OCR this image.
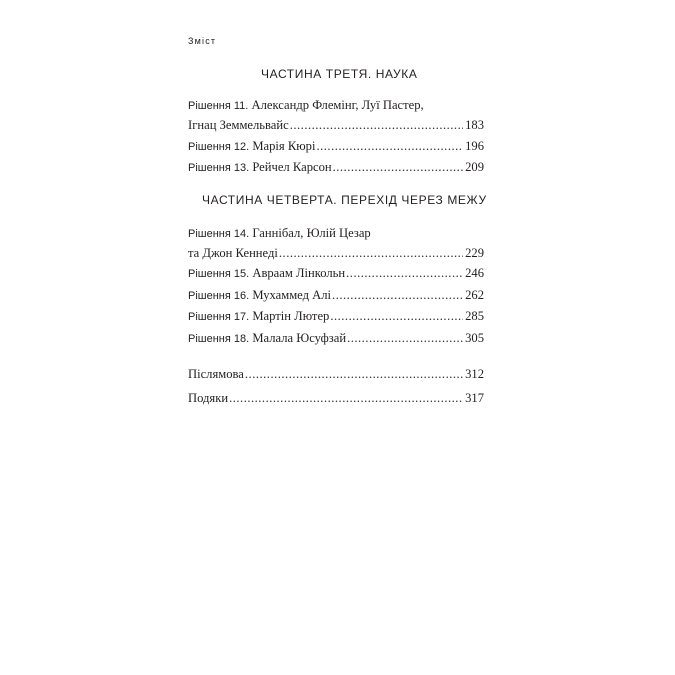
Зміст
ЧАСТИНА ТРЕТЯ. НАУКА
Рішення 11.
Александр Флемінг, Луї Пастер,
Ігнац Земмельвайс .....	183
Рішення 12.
Марія Кюрі .....	196
Рішення 13.
Рейчел Карсон .....	209
ЧАСТИНА ЧЕТВЕРТА. ПЕРЕХІД ЧЕРЕЗ МЕЖУ
Рішення 14.
Ганнібал, Юлій Цезар
та Джон Кеннеді .....	229
Рішення 15.
Авраам Лінкольн .....	246
Рішення 16.
Мухаммед Алі .....	262
Рішення 17.
Мартін Лютер .....	285
Рішення 18.
Малала Юсуфзай .....	305
Післямова .....	312
Подяки .....	317
